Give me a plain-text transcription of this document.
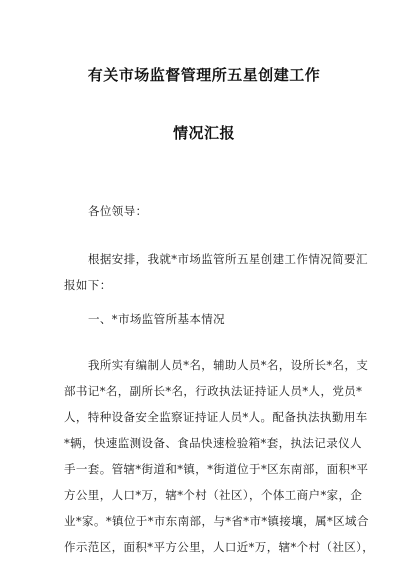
有关市场监督管理所五星创建工作
情况汇报

各位领导：

根据安排，我就*市场监管所五星创建工作情况简要汇
报如下：

一、*市场监管所基本情况

我所实有编制人员*名，辅助人员*名，设所长*名，支
部书记*名，副所长*名，行政执法证持证人员*人，党员*
人，特种设备安全监察证持证人员*人。配备执法执勤用车
*辆，快速监测设备、食品快速检验箱*套，执法记录仪人
手一套。管辖*街道和*镇，*街道位于*区东南部，面积*平
方公里，人口*万，辖*个村（社区），个体工商户*家，企
业*家。*镇位于*市东南部，与*省*市*镇接壤，属*区域合
作示范区，面积*平方公里，人口近*万，辖*个村（社区），
